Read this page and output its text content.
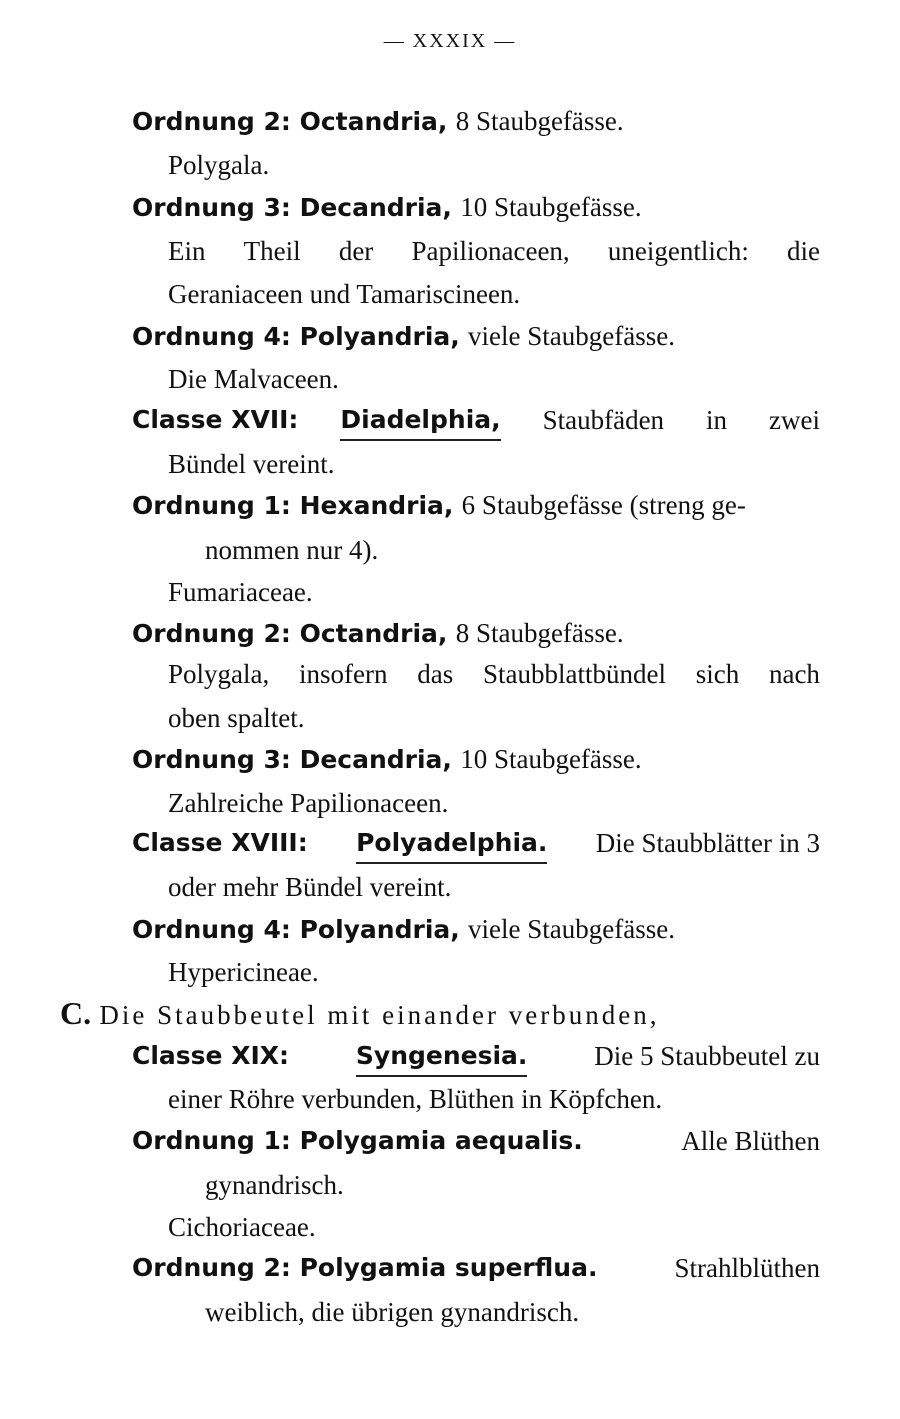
— XXXIX —
Ordnung 2: Octandria, 8 Staubgefässe.
Polygala.
Ordnung 3: Decandria, 10 Staubgefässe.
Ein Theil der Papilionaceen, uneigentlich: die
Geraniaceen und Tamariscineen.
Ordnung 4: Polyandria, viele Staubgefässe.
Die Malvaceen.
Classe XVII: Diadelphia, Staubfäden in zwei
Bündel vereint.
Ordnung 1: Hexandria, 6 Staubgefässe (streng ge-
nommen nur 4).
Fumariaceae.
Ordnung 2: Octandria, 8 Staubgefässe.
Polygala, insofern das Staubblattbündel sich nach
oben spaltet.
Ordnung 3: Decandria, 10 Staubgefässe.
Zahlreiche Papilionaceen.
Classe XVIII: Polyadelphia. Die Staubblätter in 3
oder mehr Bündel vereint.
Ordnung 4: Polyandria, viele Staubgefässe.
Hypericineae.
C. Die Staubbeutel mit einander verbunden,
Classe XIX:	Syngenesia. Die 5 Staubbeutel zu
einer Röhre verbunden, Blüthen in Köpfchen.
Ordnung 1: Polygamia aequalis.	Alle Blüthen
gynandrisch.
Cichoriaceae.
Ordnung 2: Polygamia superflua.	Strahlblüthen
weiblich, die übrigen gynandrisch.
